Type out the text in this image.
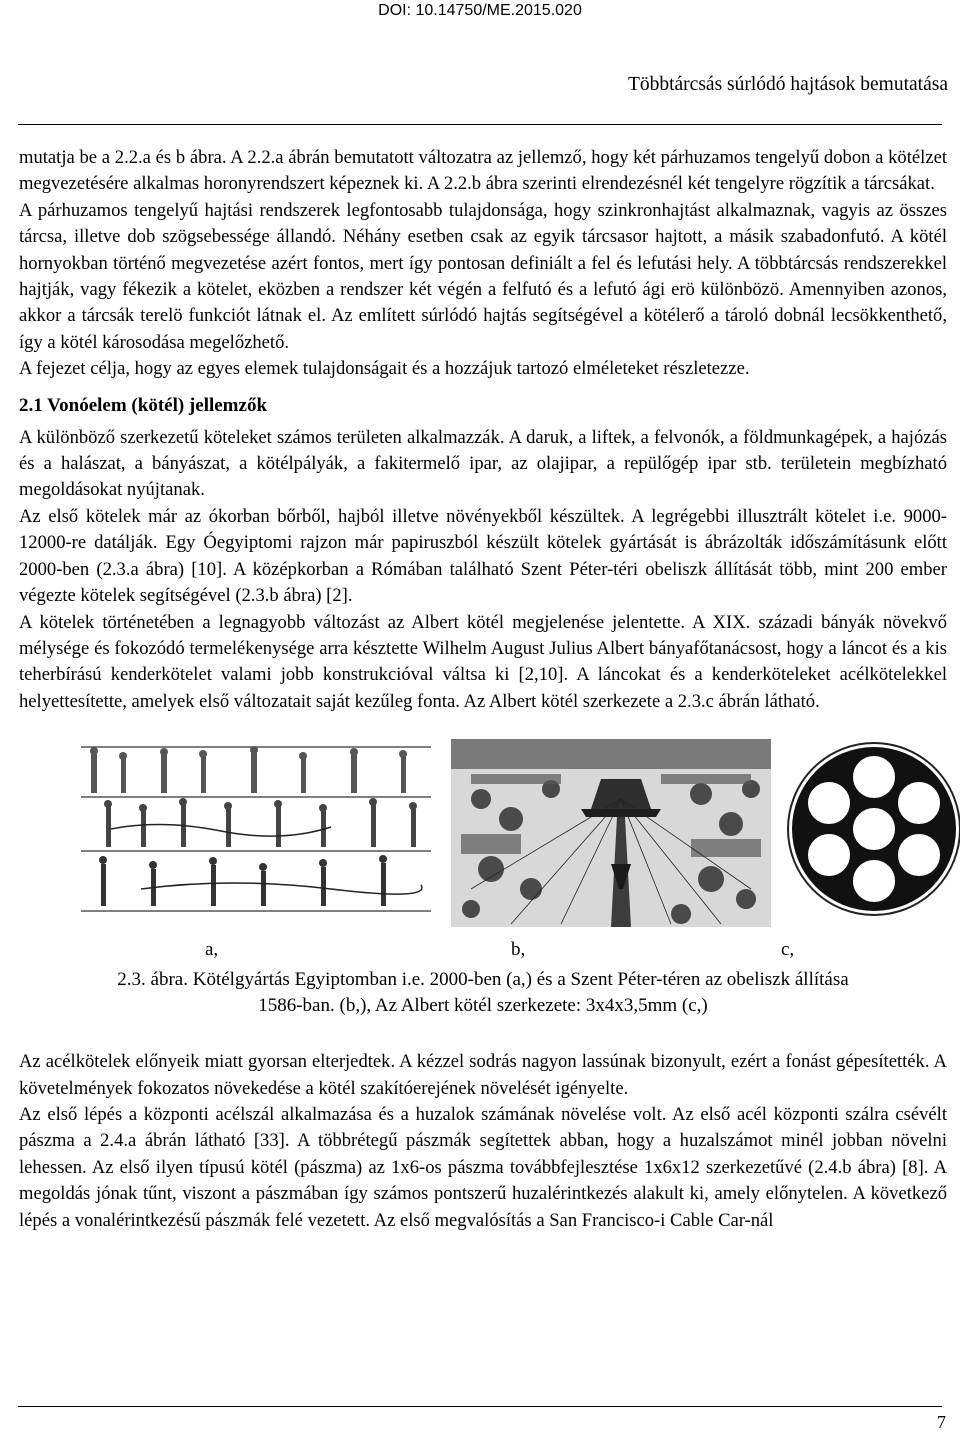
DOI: 10.14750/ME.2015.020
Többtárcsás súrlódó hajtások bemutatása

mutatja be a 2.2.a és b ábra. A 2.2.a ábrán bemutatott változatra az jellemző, hogy két párhuzamos tengelyű dobon a kötélzet megvezetésére alkalmas horonyrendszert képeznek ki. A 2.2.b ábra szerinti elrendezésnél két tengelyre rögzítik a tárcsákat.

A párhuzamos tengelyű hajtási rendszerek legfontosabb tulajdonsága, hogy szinkronhajtást alkalmaznak, vagyis az összes tárcsa, illetve dob szögsebessége állandó. Néhány esetben csak az egyik tárcsasor hajtott, a másik szabadonfutó. A kötél hornyokban történő megvezetése azért fontos, mert így pontosan definiált a fel és lefutási hely. A többtárcsás rendszerekkel hajtják, vagy fékezik a kötelet, eközben a rendszer két végén a felfutó és a lefutó ági erö különbözö. Amennyiben azonos, akkor a tárcsák terelö funkciót látnak el. Az említett súrlódó hajtás segítségével a kötélerő a tároló dobnál lecsökkenthető, így a kötél károsodása megelőzhető.

A fejezet célja, hogy az egyes elemek tulajdonságait és a hozzájuk tartozó elméleteket részletezze.

2.1 Vonóelem (kötél) jellemzők

A különböző szerkezetű köteleket számos területen alkalmazzák. A daruk, a liftek, a felvonók, a földmunkagépek, a hajózás és a halászat, a bányászat, a kötélpályák, a fakitermelő ipar, az olajipar, a repülőgép ipar stb. területein megbízható megoldásokat nyújtanak.

Az első kötelek már az ókorban bőrből, hajból illetve növényekből készültek. A legrégebbi illusztrált kötelet i.e. 9000-12000-re datálják. Egy Óegyiptomi rajzon már papiruszból készült kötelek gyártását is ábrázolták időszámításunk előtt 2000-ben (2.3.a ábra) [10]. A középkorban a Rómában található Szent Péter-téri obeliszk állítását több, mint 200 ember végezte kötelek segítségével (2.3.b ábra) [2].

A kötelek történetében a legnagyobb változást az Albert kötél megjelenése jelentette. A XIX. századi bányák növekvő mélysége és fokozódó termelékenysége arra késztette Wilhelm August Julius Albert bányafőtanácsost, hogy a láncot és a kis teherbírású kenderkötelet valami jobb konstrukcióval váltsa ki [2,10]. A láncokat és a kenderköteleket acélkötelekkel helyettesítette, amelyek első változatait saját kezűleg fonta. Az Albert kötél szerkezete a 2.3.c ábrán látható.

a,	b,	c,
2.3. ábra. Kötélgyártás Egyiptomban i.e. 2000-ben (a,) és a Szent Péter-téren az obeliszk állítása
1586-ban. (b,), Az Albert kötél szerkezete: 3x4x3,5mm (c,)

Az acélkötelek előnyeik miatt gyorsan elterjedtek. A kézzel sodrás nagyon lassúnak bizonyult, ezért a fonást gépesítették. A követelmények fokozatos növekedése a kötél szakítóerejének növelését igényelte.

Az első lépés a központi acélszál alkalmazása és a huzalok számának növelése volt. Az első acél központi szálra csévélt pászma a 2.4.a ábrán látható [33]. A többrétegű pászmák segítettek abban, hogy a huzalszámot minél jobban növelni lehessen. Az első ilyen típusú kötél (pászma) az 1x6-os pászma továbbfejlesztése 1x6x12 szerkezetűvé (2.4.b ábra) [8]. A megoldás jónak tűnt, viszont a pászmában így számos pontszerű huzalérintkezés alakult ki, amely előnytelen. A következő lépés a vonalérintkezésű pászmák felé vezetett. Az első megvalósítás a San Francisco-i Cable Car-nál

7
